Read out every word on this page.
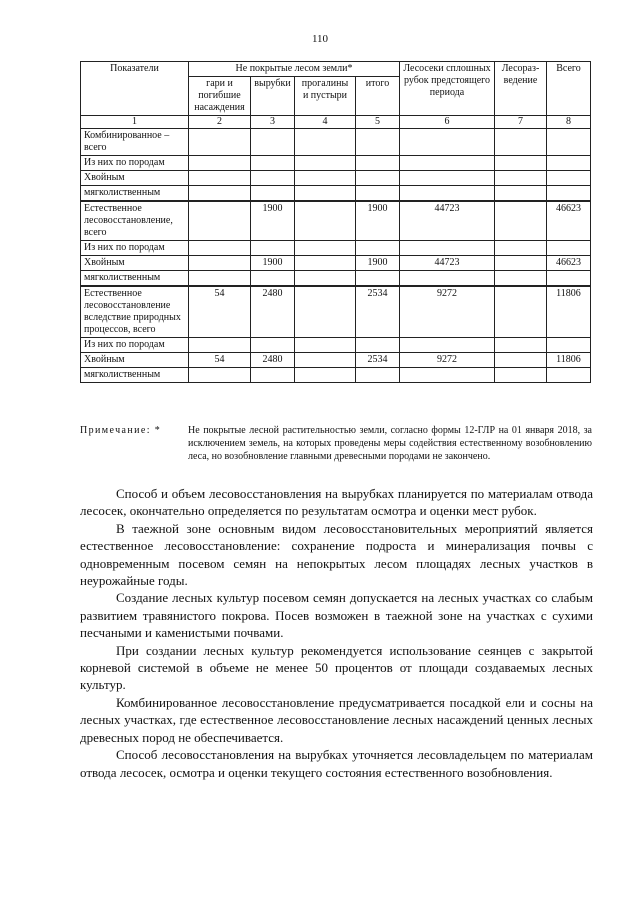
110
Показатели	Не покрытые лесом земли*				Лесосеки сплошных рубок предстоящего периода	Лесораз-ведение	Всего
	гари и погибшие насаждения	вырубки	прогалины и пустыри	итого			
1	2	3	4	5	6	7	8
Комбинированное – всего							
Из них по породам							
Хвойным							
мягколиственным							
Естественное лесовосстановление, всего		1900		1900	44723		46623
Из них по породам							
Хвойным		1900		1900	44723		46623
мягколиственным							
Естественное лесовосстановление вследствие природных процессов, всего	54	2480		2534	9272		11806
Из них по породам							
Хвойным	54	2480		2534	9272		11806
мягколиственным							
Примечание: *	Не покрытые лесной растительностью земли, согласно формы 12-ГЛР на 01 января 2018, за исключением земель, на которых проведены меры содействия естественному возобновлению леса, но возобновление главными древесными породами не закончено.

Способ и объем лесовосстановления на вырубках планируется по материалам отвода лесосек, окончательно определяется по результатам осмотра и оценки мест рубок.

В таежной зоне основным видом лесовосстановительных мероприятий является естественное лесовосстановление: сохранение подроста и минерализация почвы с одновременным посевом семян на непокрытых лесом площадях лесных участков в неурожайные годы.

Создание лесных культур посевом семян допускается на лесных участках со слабым развитием травянистого покрова. Посев возможен в таежной зоне на участках с сухими песчаными и каменистыми почвами.

При создании лесных культур рекомендуется использование сеянцев с закрытой корневой системой в объеме не менее 50 процентов от площади создаваемых лесных культур.

Комбинированное лесовосстановление предусматривается посадкой ели и сосны на лесных участках, где естественное лесовосстановление лесных насаждений ценных лесных древесных пород не обеспечивается.

Способ лесовосстановления на вырубках уточняется лесовладельцем по материалам отвода лесосек, осмотра и оценки текущего состояния естественного возобновления.
